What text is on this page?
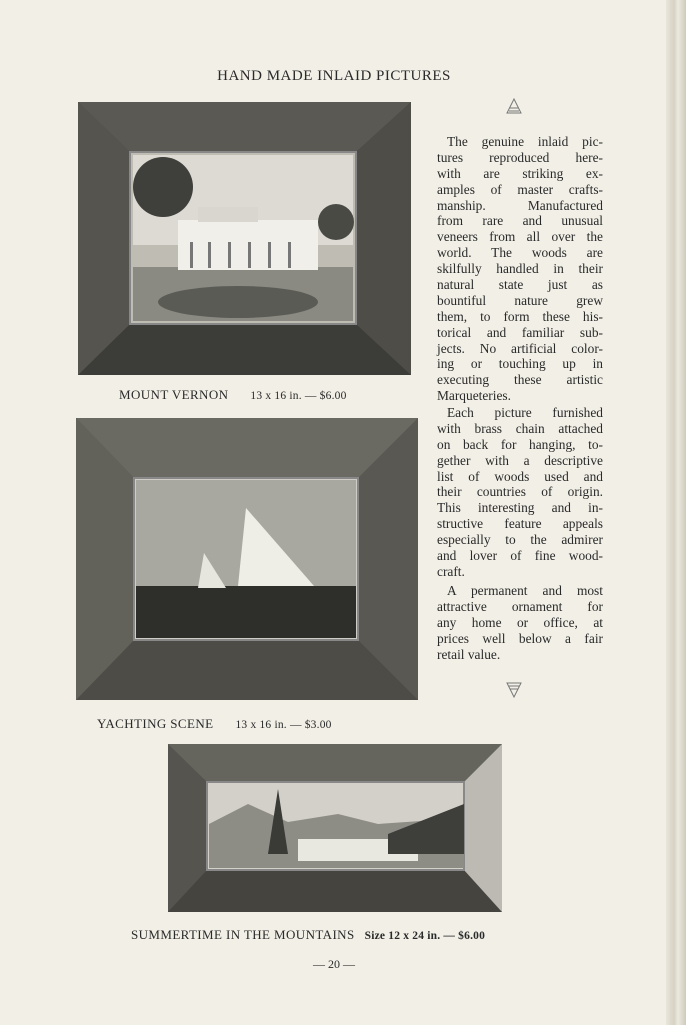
HAND MADE INLAID PICTURES
MOUNT VERNON 13 x 16 in. — $6.00
YACHTING SCENE 13 x 16 in. — $3.00
SUMMERTIME IN THE MOUNTAINS Size 12 x 24 in. — $6.00
The genuine inlaid pic-
tures reproduced here-
with are striking ex-
amples of master crafts-
manship. Manufactured
from rare and unusual
veneers from all over the
world. The woods are
skilfully handled in their
natural state just as
bountiful nature grew
them, to form these his-
torical and familiar sub-
jects. No artificial color-
ing or touching up in
executing these artistic
Marqueteries.
Each picture furnished
with brass chain attached
on back for hanging, to-
gether with a descriptive
list of woods used and
their countries of origin.
This interesting and in-
structive feature appeals
especially to the admirer
and lover of fine wood-
craft.
A permanent and most
attractive ornament for
any home or office, at
prices well below a fair
retail value.
— 20 —
